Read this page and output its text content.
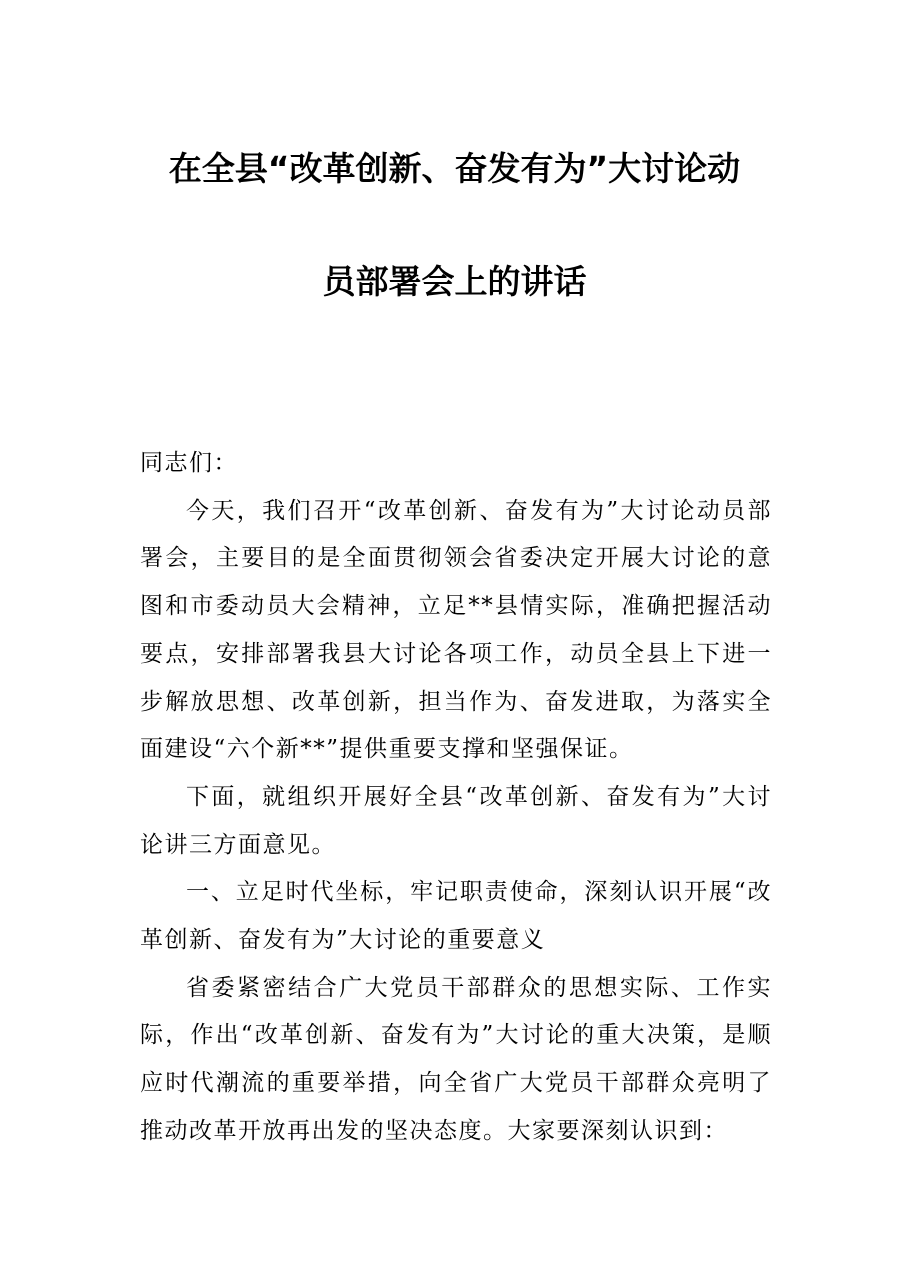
在全县“改革创新、奋发有为”大讨论动
员部署会上的讲话

同志们：

今天，我们召开“改革创新、奋发有为”大讨论动员部署会，主要目的是全面贯彻领会省委决定开展大讨论的意图和市委动员大会精神，立足**县情实际，准确把握活动要点，安排部署我县大讨论各项工作，动员全县上下进一步解放思想、改革创新，担当作为、奋发进取，为落实全面建设“六个新**”提供重要支撑和坚强保证。

下面，就组织开展好全县“改革创新、奋发有为”大讨论讲三方面意见。

一、立足时代坐标，牢记职责使命，深刻认识开展“改革创新、奋发有为”大讨论的重要意义

省委紧密结合广大党员干部群众的思想实际、工作实际，作出“改革创新、奋发有为”大讨论的重大决策，是顺应时代潮流的重要举措，向全省广大党员干部群众亮明了推动改革开放再出发的坚决态度。大家要深刻认识到：
